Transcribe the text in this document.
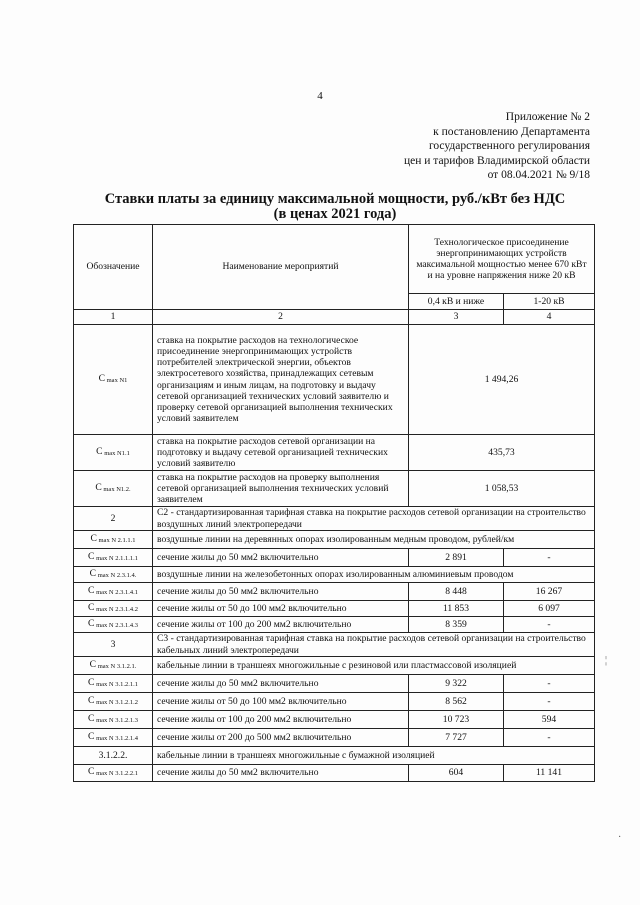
4
Приложение № 2
к постановлению Департамента
государственного регулирования
цен и тарифов Владимирской области
от 08.04.2021 № 9/18
Ставки платы за единицу максимальной мощности, руб./кВт без НДС
(в ценах 2021 года)
¦
·
Обозначение	Наименование мероприятий	Технологическое присоединение энергопринимающих устройств максимальной мощностью менее 670 кВт и на уровне напряжения ниже 20 кВ	
		0,4 кВ и ниже	1-20 кВ
1	2	3	4
C $_{max N1}$	ставка на покрытие расходов на технологическое присоединение энергопринимающих устройств потребителей электрической энергии, объектов электросетевого хозяйства, принадлежащих сетевым организациям и иным лицам, на подготовку и выдачу сетевой организацией технических условий заявителю и проверку сетевой организацией выполнения технических условий заявителем	1 494,26	
C $_{max N1.1}$	ставка на покрытие расходов сетевой организации на подготовку и выдачу сетевой организацией технических условий заявителю	435,73	
C $_{max N1.2.}$	ставка на покрытие расходов на проверку выполнения сетевой организацией выполнения технических условий заявителем	1 058,53	
2	C2 - стандартизированная тарифная ставка на покрытие расходов сетевой организации на строительство воздушных линий электропередачи		
C $_{max N 2.1.1.1}$	воздушные линии на деревянных опорах изолированным медным проводом, рублей/км		
C $_{max N 2.1.1.1.1}$	сечение жилы до 50 мм2 включительно	2 891	-
C $_{max N 2.3.1.4.}$	воздушные линии на железобетонных опорах изолированным алюминиевым проводом		
C $_{max N 2.3.1.4.1}$	сечение жилы до 50 мм2 включительно	8 448	16 267
C $_{max N 2.3.1.4.2}$	сечение жилы от 50 до 100 мм2 включительно	11 853	6 097
C $_{max N 2.3.1.4.3}$	сечение жилы от 100 до 200 мм2 включительно	8 359	-
3	C3 - стандартизированная тарифная ставка на покрытие расходов сетевой организации на строительство кабельных линий электропередачи		
C $_{max N 3.1.2.1.}$	кабельные линии в траншеях многожильные с резиновой или пластмассовой изоляцией		
C $_{max N 3.1.2.1.1}$	сечение жилы до 50 мм2 включительно	9 322	-
C $_{max N 3.1.2.1.2}$	сечение жилы от 50 до 100 мм2 включительно	8 562	-
C $_{max N 3.1.2.1.3}$	сечение жилы от 100 до 200 мм2 включительно	10 723	594
C $_{max N 3.1.2.1.4}$	сечение жилы от 200 до 500 мм2 включительно	7 727	-
3.1.2.2.	кабельные линии в траншеях многожильные с бумажной изоляцией		
C $_{max N 3.1.2.2.1}$	сечение жилы до 50 мм2 включительно	604	11 141
